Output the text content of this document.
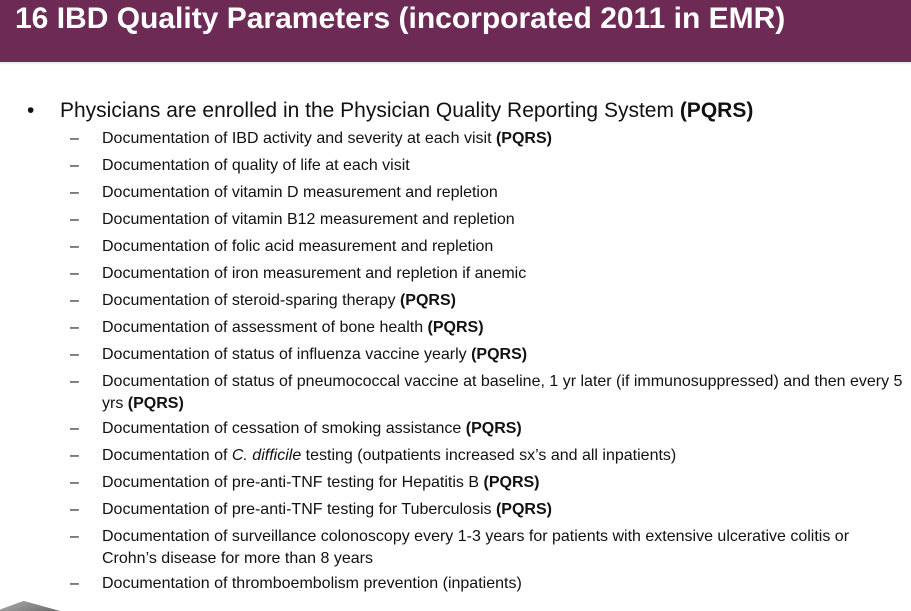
16 IBD Quality Parameters (incorporated 2011 in EMR)
• Physicians are enrolled in the Physician Quality Reporting System (PQRS)
– Documentation of IBD activity and severity at each visit (PQRS)
– Documentation of quality of life at each visit
– Documentation of vitamin D measurement and repletion
– Documentation of vitamin B12 measurement and repletion
– Documentation of folic acid measurement and repletion
– Documentation of iron measurement and repletion if anemic
– Documentation of steroid-sparing therapy (PQRS)
– Documentation of assessment of bone health (PQRS)
– Documentation of status of influenza vaccine yearly (PQRS)
– Documentation of status of pneumococcal vaccine at baseline, 1 yr later (if immunosuppressed) and then every 5 yrs (PQRS)
– Documentation of cessation of smoking assistance (PQRS)
– Documentation of C. difficile testing (outpatients increased sx’s and all inpatients)
– Documentation of pre-anti-TNF testing for Hepatitis B (PQRS)
– Documentation of pre-anti-TNF testing for Tuberculosis (PQRS)
– Documentation of surveillance colonoscopy every 1-3 years for patients with extensive ulcerative colitis or Crohn’s disease for more than 8 years
– Documentation of thromboembolism prevention (inpatients)
